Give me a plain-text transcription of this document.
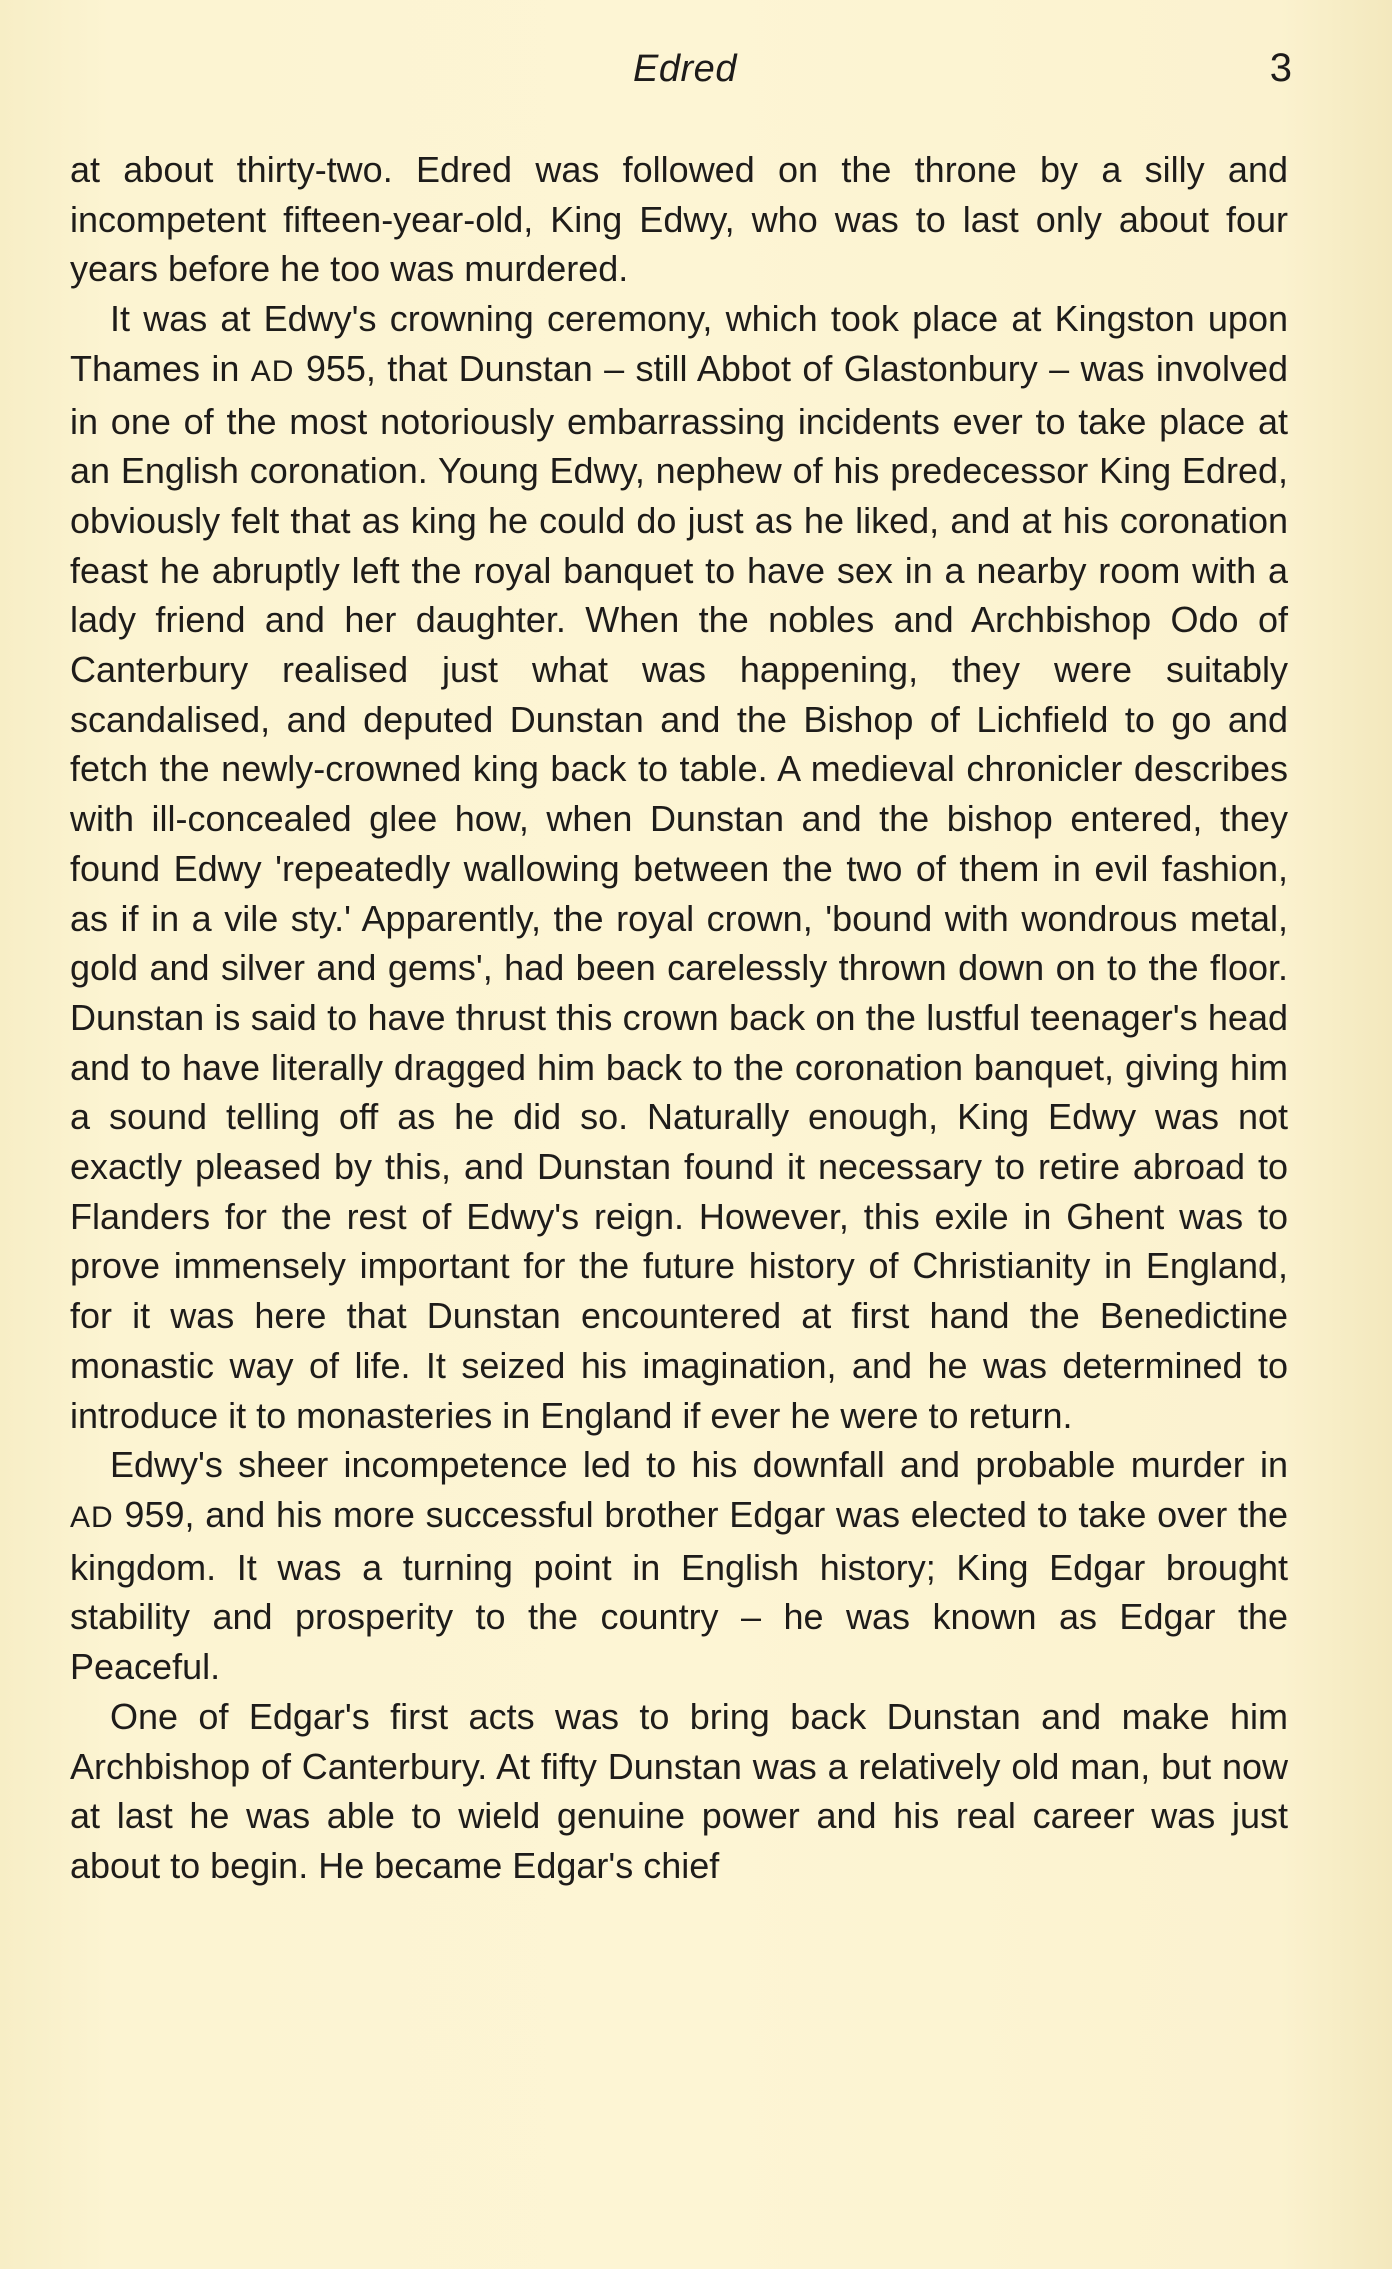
Edred	3

at about thirty-two. Edred was followed on the throne by a silly and incompetent fifteen-year-old, King Edwy, who was to last only about four years before he too was murdered.

It was at Edwy's crowning ceremony, which took place at Kingston upon Thames in AD 955, that Dunstan – still Abbot of Glastonbury – was involved in one of the most notoriously embarrassing incidents ever to take place at an English coronation. Young Edwy, nephew of his predecessor King Edred, obviously felt that as king he could do just as he liked, and at his coronation feast he abruptly left the royal banquet to have sex in a nearby room with a lady friend and her daughter. When the nobles and Archbishop Odo of Canterbury realised just what was happening, they were suitably scandalised, and deputed Dunstan and the Bishop of Lichfield to go and fetch the newly-crowned king back to table. A medieval chronicler describes with ill-concealed glee how, when Dunstan and the bishop entered, they found Edwy 'repeatedly wallowing between the two of them in evil fashion, as if in a vile sty.' Apparently, the royal crown, 'bound with wondrous metal, gold and silver and gems', had been carelessly thrown down on to the floor. Dunstan is said to have thrust this crown back on the lustful teenager's head and to have literally dragged him back to the coronation banquet, giving him a sound telling off as he did so. Naturally enough, King Edwy was not exactly pleased by this, and Dunstan found it necessary to retire abroad to Flanders for the rest of Edwy's reign. However, this exile in Ghent was to prove immensely important for the future history of Christianity in England, for it was here that Dunstan encountered at first hand the Benedictine monastic way of life. It seized his imagination, and he was determined to introduce it to monasteries in England if ever he were to return.

Edwy's sheer incompetence led to his downfall and probable murder in AD 959, and his more successful brother Edgar was elected to take over the kingdom. It was a turning point in English history; King Edgar brought stability and prosperity to the country – he was known as Edgar the Peaceful.

One of Edgar's first acts was to bring back Dunstan and make him Archbishop of Canterbury. At fifty Dunstan was a relatively old man, but now at last he was able to wield genuine power and his real career was just about to begin. He became Edgar's chief
